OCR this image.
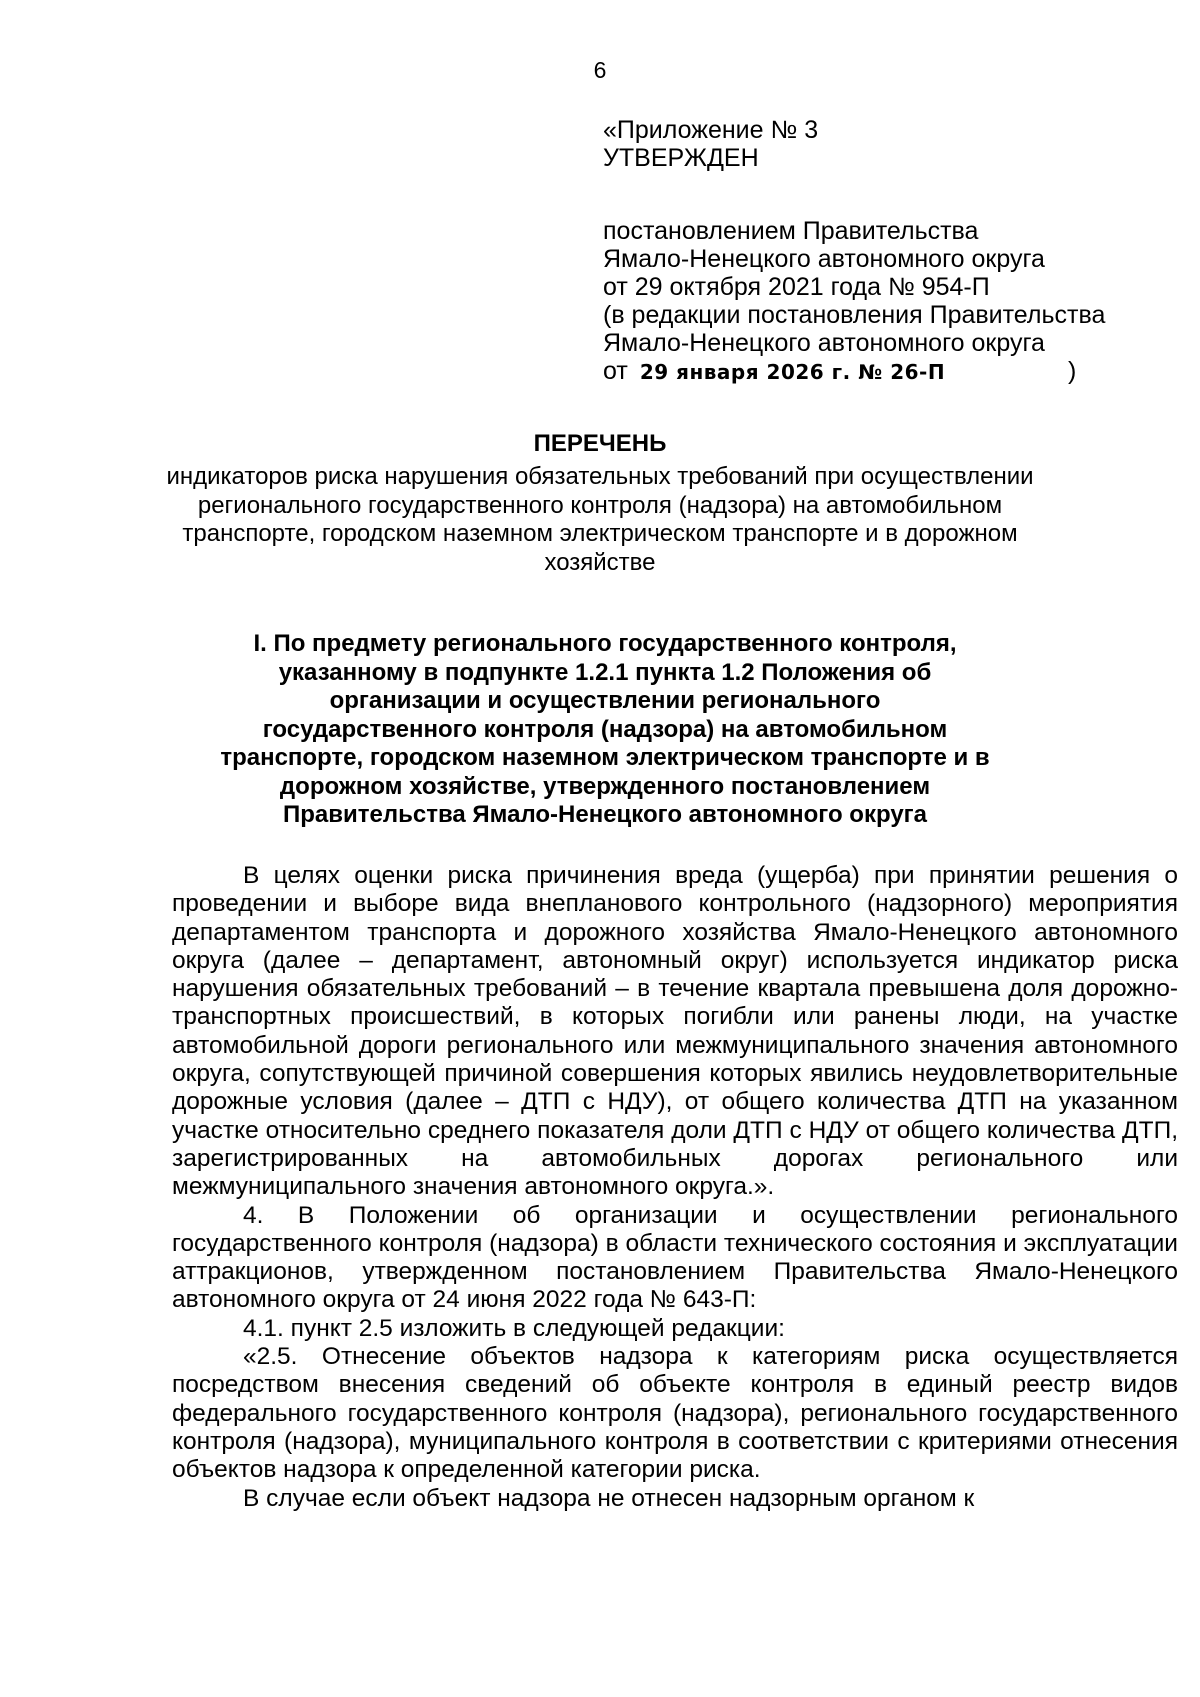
6
«Приложение № 3
УТВЕРЖДЕН
постановлением Правительства
Ямало-Ненецкого автономного округа
от 29 октября 2021 года № 954-П
(в редакции постановления Правительства
Ямало-Ненецкого автономного округа
от 29 января 2026 г. № 26-П	)
ПЕРЕЧЕНЬ
индикаторов риска нарушения обязательных требований при осуществлении регионального государственного контроля (надзора) на автомобильном транспорте, городском наземном электрическом транспорте и в дорожном хозяйстве
I. По предмету регионального государственного контроля, указанному в подпункте 1.2.1 пункта 1.2 Положения об организации и осуществлении регионального государственного контроля (надзора) на автомобильном транспорте, городском наземном электрическом транспорте и в дорожном хозяйстве, утвержденного постановлением Правительства Ямало-Ненецкого автономного округа

В целях оценки риска причинения вреда (ущерба) при принятии решения о проведении и выборе вида внепланового контрольного (надзорного) мероприятия департаментом транспорта и дорожного хозяйства Ямало-Ненецкого автономного округа (далее – департамент, автономный округ) используется индикатор риска нарушения обязательных требований – в течение квартала превышена доля дорожно-транспортных происшествий, в которых погибли или ранены люди, на участке автомобильной дороги регионального или межмуниципального значения автономного округа, сопутствующей причиной совершения которых явились неудовлетворительные дорожные условия (далее – ДТП с НДУ), от общего количества ДТП на указанном участке относительно среднего показателя доли ДТП с НДУ от общего количества ДТП, зарегистрированных на автомобильных дорогах регионального или межмуниципального значения автономного округа.».

4. В Положении об организации и осуществлении регионального государственного контроля (надзора) в области технического состояния и эксплуатации аттракционов, утвержденном постановлением Правительства Ямало-Ненецкого автономного округа от 24 июня 2022 года № 643-П:

4.1. пункт 2.5 изложить в следующей редакции:

«2.5. Отнесение объектов надзора к категориям риска осуществляется посредством внесения сведений об объекте контроля в единый реестр видов федерального государственного контроля (надзора), регионального государственного контроля (надзора), муниципального контроля в соответствии с критериями отнесения объектов надзора к определенной категории риска.

В случае если объект надзора не отнесен надзорным органом к
